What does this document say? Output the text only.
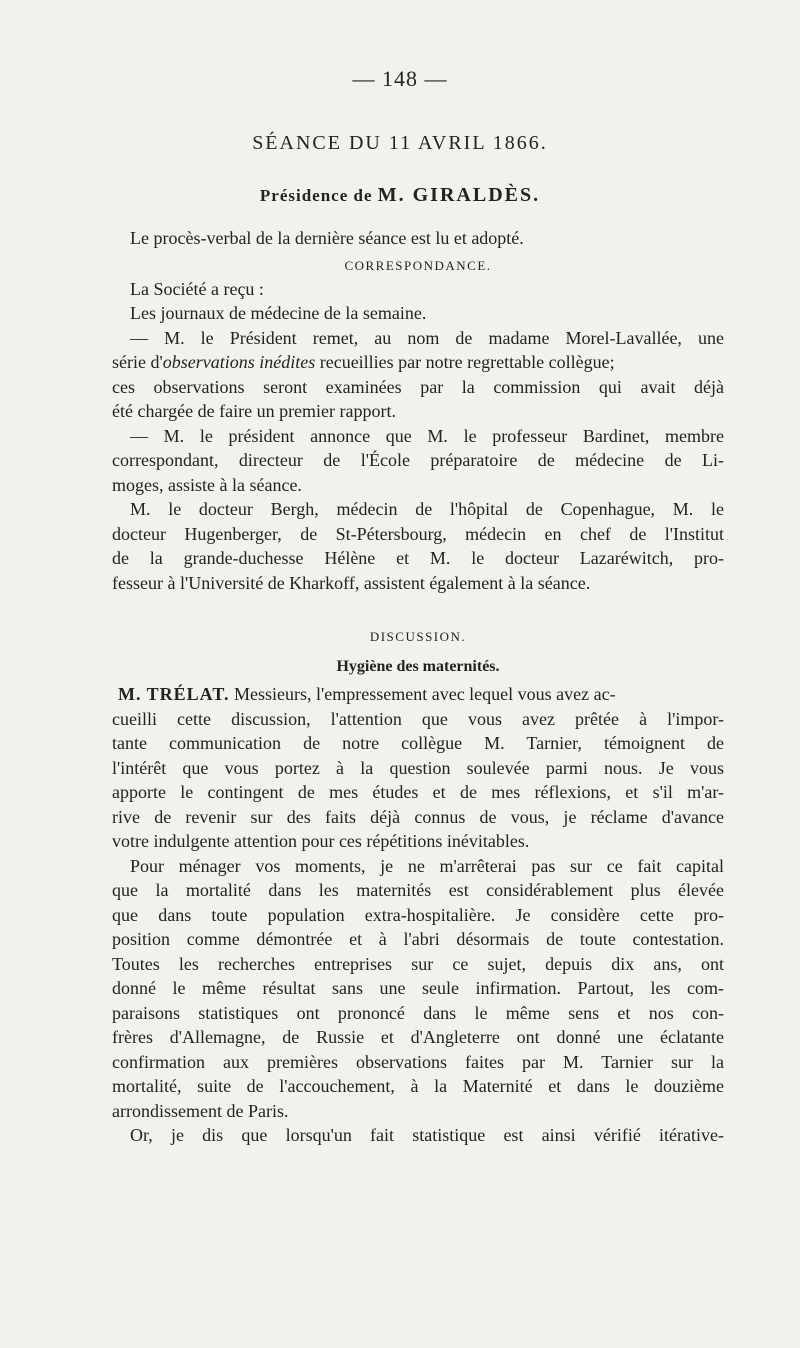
— 148 —
SÉANCE DU 11 AVRIL 1866.
Présidence de M. GIRALDÈS.
Le procès-verbal de la dernière séance est lu et adopté.
CORRESPONDANCE.
La Société a reçu :
Les journaux de médecine de la semaine.
— M. le Président remet, au nom de madame Morel-Lavallée, une
série d'observations inédites recueillies par notre regrettable collègue;
ces observations seront examinées par la commission qui avait déjà
été chargée de faire un premier rapport.
— M. le président annonce que M. le professeur Bardinet, membre
correspondant, directeur de l'École préparatoire de médecine de Li-
moges, assiste à la séance.
M. le docteur Bergh, médecin de l'hôpital de Copenhague, M. le
docteur Hugenberger, de St-Pétersbourg, médecin en chef de l'Institut
de la grande-duchesse Hélène et M. le docteur Lazaréwitch, pro-
fesseur à l'Université de Kharkoff, assistent également à la séance.
DISCUSSION.
Hygiène des maternités.
M. TRÉLAT. Messieurs, l'empressement avec lequel vous avez ac-
cueilli cette discussion, l'attention que vous avez prêtée à l'impor-
tante communication de notre collègue M. Tarnier, témoignent de
l'intérêt que vous portez à la question soulevée parmi nous. Je vous
apporte le contingent de mes études et de mes réflexions, et s'il m'ar-
rive de revenir sur des faits déjà connus de vous, je réclame d'avance
votre indulgente attention pour ces répétitions inévitables.
Pour ménager vos moments, je ne m'arrêterai pas sur ce fait capital
que la mortalité dans les maternités est considérablement plus élevée
que dans toute population extra-hospitalière. Je considère cette pro-
position comme démontrée et à l'abri désormais de toute contestation.
Toutes les recherches entreprises sur ce sujet, depuis dix ans, ont
donné le même résultat sans une seule infirmation. Partout, les com-
paraisons statistiques ont prononcé dans le même sens et nos con-
frères d'Allemagne, de Russie et d'Angleterre ont donné une éclatante
confirmation aux premières observations faites par M. Tarnier sur la
mortalité, suite de l'accouchement, à la Maternité et dans le douzième
arrondissement de Paris.
Or, je dis que lorsqu'un fait statistique est ainsi vérifié itérative-
